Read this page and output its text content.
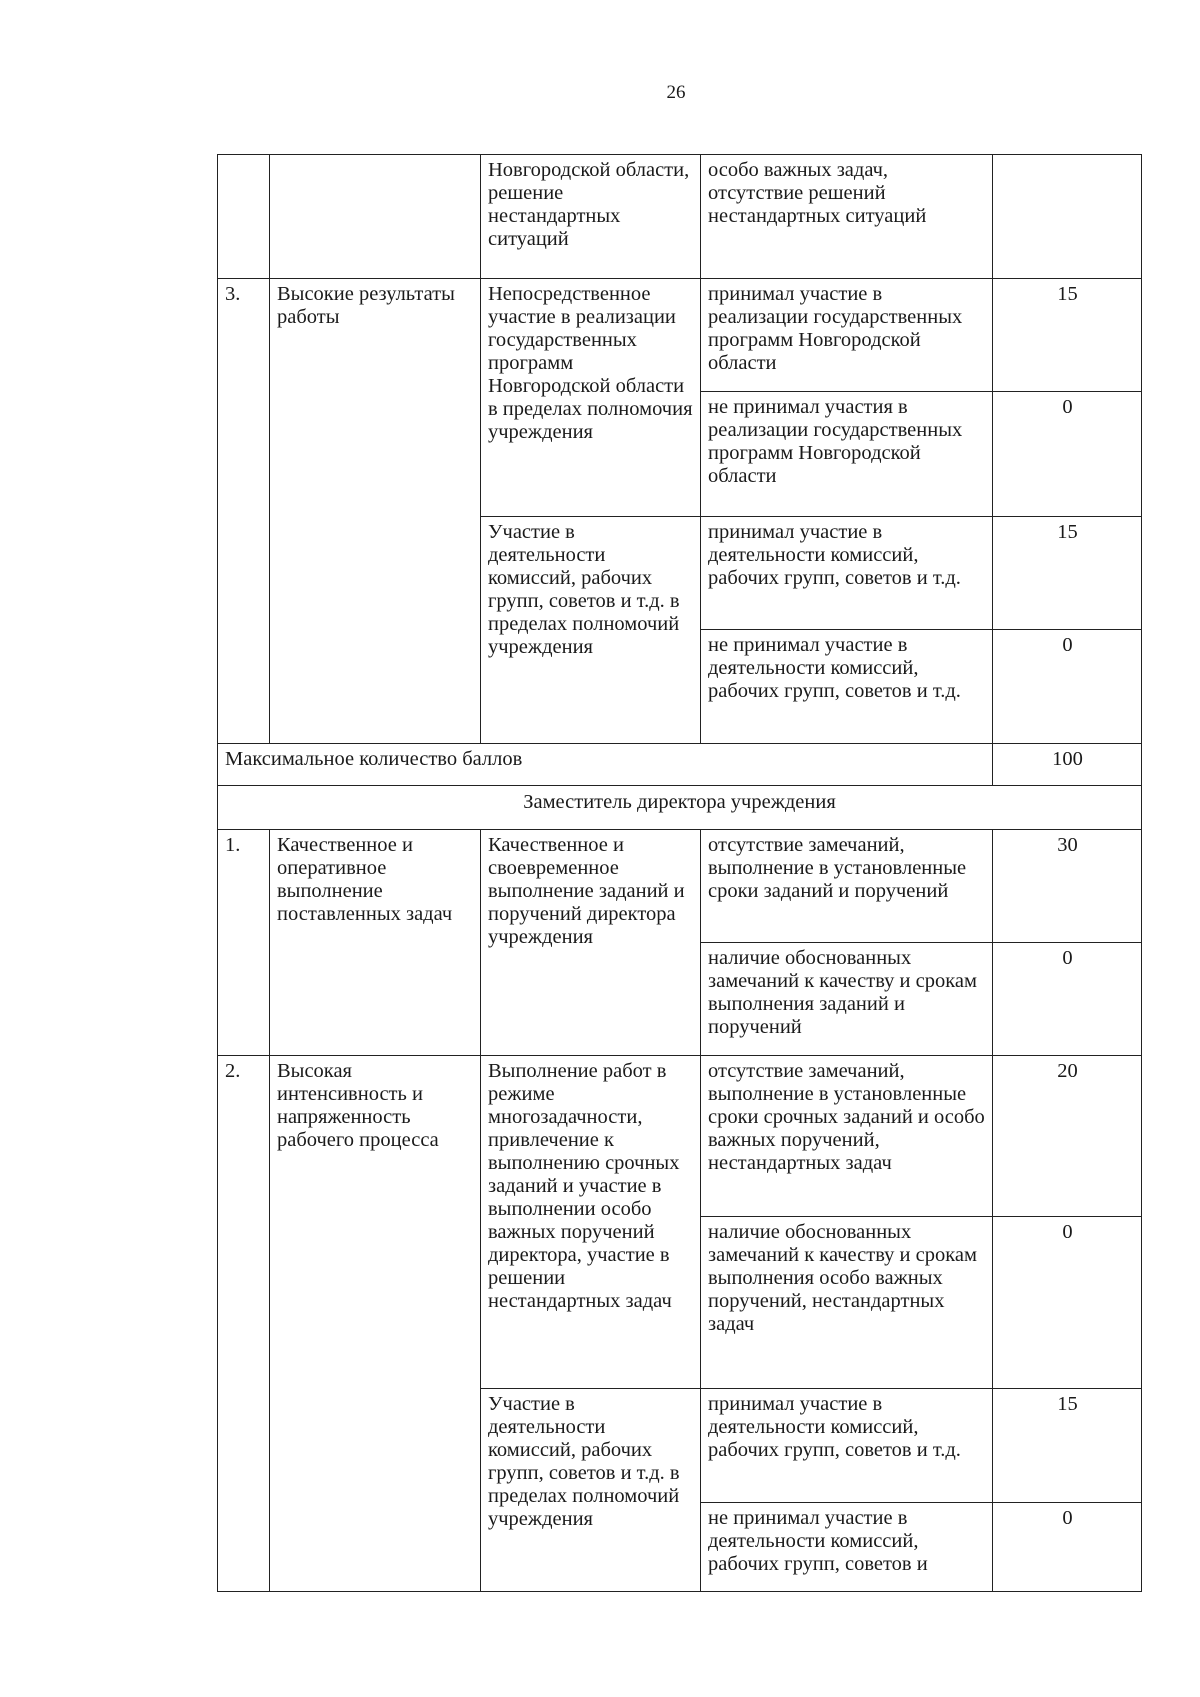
26
		Новгородской области, решение нестандартных ситуаций	особо важных задач, отсутствие решений нестандартных ситуаций	
3.	Высокие результаты работы	Непосредственное участие в реализации государственных программ Новгородской области в пределах полномочия учреждения	принимал участие в реализации государственных программ Новгородской области	15
			не принимал участия в реализации государственных программ Новгородской области	0
		Участие в деятельности комиссий, рабочих групп, советов и т.д. в пределах полномочий учреждения	принимал участие в деятельности комиссий, рабочих групп, советов и т.д.	15
			не принимал участие в деятельности комиссий, рабочих групп, советов и т.д.	0
Максимальное количество баллов				100
Заместитель директора учреждения				
1.	Качественное и оперативное выполнение поставленных задач	Качественное и своевременное выполнение заданий и поручений директора учреждения	отсутствие замечаний, выполнение в установленные сроки заданий и поручений	30
			наличие обоснованных замечаний к качеству и срокам выполнения заданий и поручений	0
2.	Высокая интенсивность и напряженность рабочего процесса	Выполнение работ в режиме многозадачности, привлечение к выполнению срочных заданий и участие в выполнении особо важных поручений директора, участие в решении нестандартных задач	отсутствие замечаний, выполнение в установленные сроки срочных заданий и особо важных поручений, нестандартных задач	20
			наличие обоснованных замечаний к качеству и срокам выполнения особо важных поручений, нестандартных задач	0
		Участие в деятельности комиссий, рабочих групп, советов и т.д. в пределах полномочий учреждения	принимал участие в деятельности комиссий, рабочих групп, советов и т.д.	15
			не принимал участие в деятельности комиссий, рабочих групп, советов и	0
